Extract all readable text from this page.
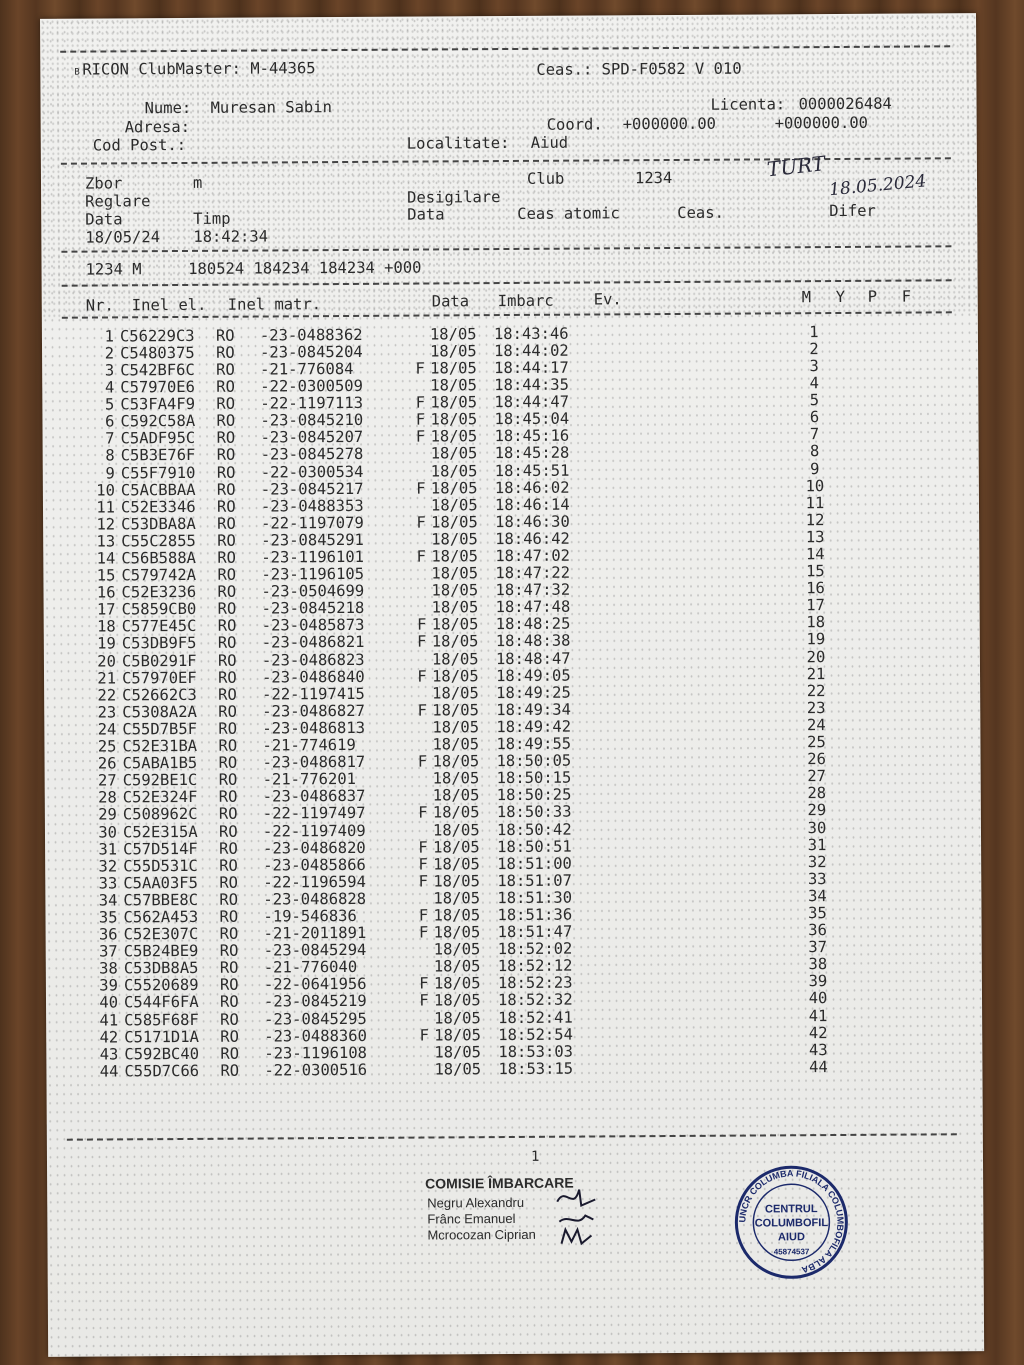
B RICON ClubMaster: M-44365	Ceas.: SPD-F0582 V 010
Nume: Muresan Sabin	Licenta: 0000026484
Adresa:	Coord. +000000.00	+000000.00
Cod Post.:	Localitate: Aiud
Zbor	m	Club	1234	TURT
18.05.2024
Reglare	Desigilare
Data	Timp	Data	Ceas atomic	Ceas.	Difer
18/05/24 18:42:34
1234 M     180524 184234 184234 +000
Nr. Inel el. Inel matr.	Data Imbarc	Ev.	M Y P F
1	C56229C3	RO	-23-0488362		18/05	18:43:46	1
2	C5480375	RO	-23-0845204		18/05	18:44:02	2
3	C542BF6C	RO	-21-776084	F	18/05	18:44:17	3
4	C57970E6	RO	-22-0300509		18/05	18:44:35	4
5	C53FA4F9	RO	-22-1197113	F	18/05	18:44:47	5
6	C592C58A	RO	-23-0845210	F	18/05	18:45:04	6
7	C5ADF95C	RO	-23-0845207	F	18/05	18:45:16	7
8	C5B3E76F	RO	-23-0845278		18/05	18:45:28	8
9	C55F7910	RO	-22-0300534		18/05	18:45:51	9
10	C5ACBBAA	RO	-23-0845217	F	18/05	18:46:02	10
11	C52E3346	RO	-23-0488353		18/05	18:46:14	11
12	C53DBA8A	RO	-22-1197079	F	18/05	18:46:30	12
13	C55C2855	RO	-23-0845291		18/05	18:46:42	13
14	C56B588A	RO	-23-1196101	F	18/05	18:47:02	14
15	C579742A	RO	-23-1196105		18/05	18:47:22	15
16	C52E3236	RO	-23-0504699		18/05	18:47:32	16
17	C5859CB0	RO	-23-0845218		18/05	18:47:48	17
18	C577E45C	RO	-23-0485873	F	18/05	18:48:25	18
19	C53DB9F5	RO	-23-0486821	F	18/05	18:48:38	19
20	C5B0291F	RO	-23-0486823		18/05	18:48:47	20
21	C57970EF	RO	-23-0486840	F	18/05	18:49:05	21
22	C52662C3	RO	-22-1197415		18/05	18:49:25	22
23	C5308A2A	RO	-23-0486827	F	18/05	18:49:34	23
24	C55D7B5F	RO	-23-0486813		18/05	18:49:42	24
25	C52E31BA	RO	-21-774619		18/05	18:49:55	25
26	C5ABA1B5	RO	-23-0486817	F	18/05	18:50:05	26
27	C592BE1C	RO	-21-776201		18/05	18:50:15	27
28	C52E324F	RO	-23-0486837		18/05	18:50:25	28
29	C508962C	RO	-22-1197497	F	18/05	18:50:33	29
30	C52E315A	RO	-22-1197409		18/05	18:50:42	30
31	C57D514F	RO	-23-0486820	F	18/05	18:50:51	31
32	C55D531C	RO	-23-0485866	F	18/05	18:51:00	32
33	C5AA03F5	RO	-22-1196594	F	18/05	18:51:07	33
34	C57BBE8C	RO	-23-0486828		18/05	18:51:30	34
35	C562A453	RO	-19-546836	F	18/05	18:51:36	35
36	C52E307C	RO	-21-2011891	F	18/05	18:51:47	36
37	C5B24BE9	RO	-23-0845294		18/05	18:52:02	37
38	C53DB8A5	RO	-21-776040		18/05	18:52:12	38
39	C5520689	RO	-22-0641956	F	18/05	18:52:23	39
40	C544F6FA	RO	-23-0845219	F	18/05	18:52:32	40
41	C585F68F	RO	-23-0845295		18/05	18:52:41	41
42	C5171D1A	RO	-23-0488360	F	18/05	18:52:54	42
43	C592BC40	RO	-23-1196108		18/05	18:53:03	43
44	C55D7C66	RO	-22-0300516		18/05	18:53:15	44
1
COMISIE ÎMBARCARE
Negru Alexandru
Frânc Emanuel
Mcrocozan Ciprian
UNCR COLUMBA FILIALA COLUMBOFILA ALBA
CENTRUL
COLUMBOFIL
AIUD
45874537
